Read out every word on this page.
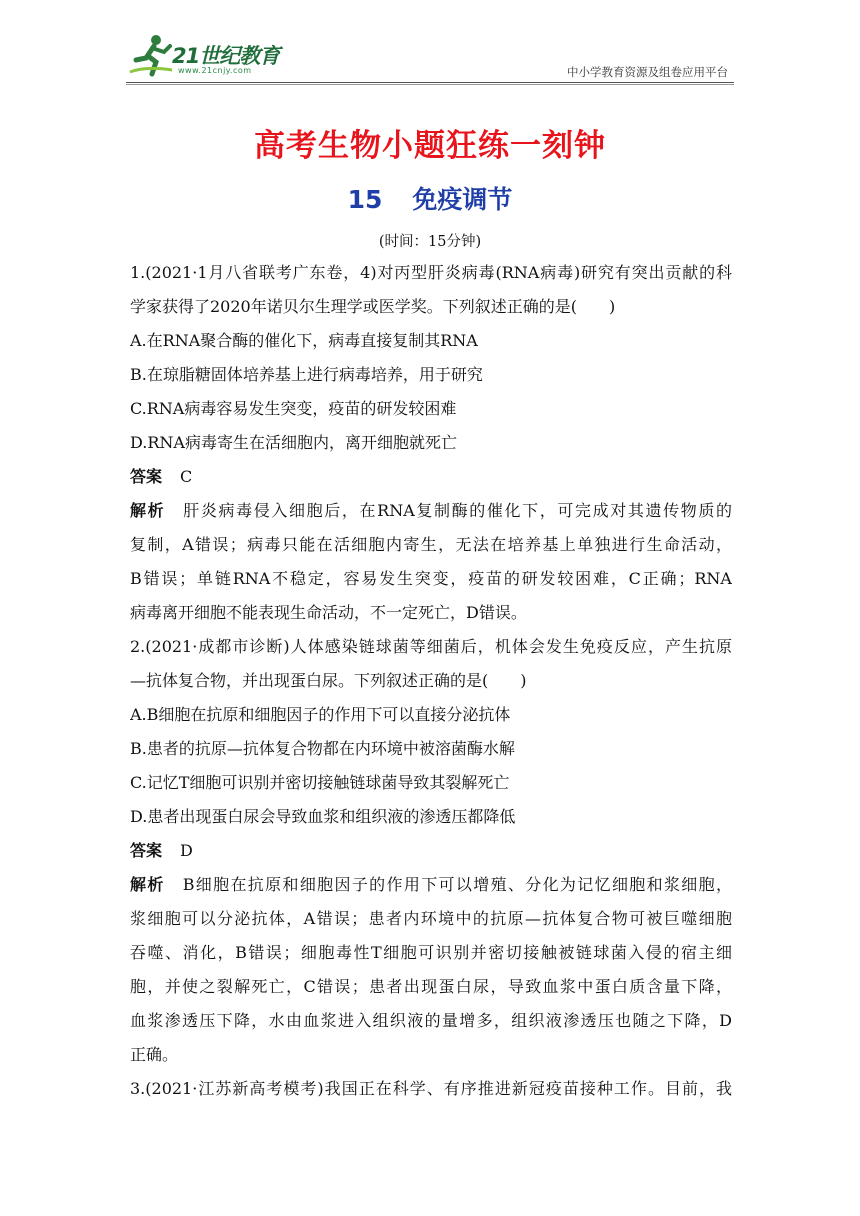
21世纪教育
www.21cnjy.com	中小学教育资源及组卷应用平台
高考生物小题狂练一刻钟
15 免疫调节
(时间：15分钟)
1.(2021·1月八省联考广东卷，4)对丙型肝炎病毒(RNA病毒)研究有突出贡献的科
学家获得了2020年诺贝尔生理学或医学奖。下列叙述正确的是(　　)
A.在RNA聚合酶的催化下，病毒直接复制其RNA
B.在琼脂糖固体培养基上进行病毒培养，用于研究
C.RNA病毒容易发生突变，疫苗的研发较困难
D.RNA病毒寄生在活细胞内，离开细胞就死亡
答案 C
解析 肝炎病毒侵入细胞后，在RNA复制酶的催化下，可完成对其遗传物质的
复制，A错误；病毒只能在活细胞内寄生，无法在培养基上单独进行生命活动，
B错误；单链RNA不稳定，容易发生突变，疫苗的研发较困难，C正确；RNA
病毒离开细胞不能表现生命活动，不一定死亡，D错误。
2.(2021·成都市诊断)人体感染链球菌等细菌后，机体会发生免疫反应，产生抗原
—抗体复合物，并出现蛋白尿。下列叙述正确的是(　　)
A.B细胞在抗原和细胞因子的作用下可以直接分泌抗体
B.患者的抗原—抗体复合物都在内环境中被溶菌酶水解
C.记忆T细胞可识别并密切接触链球菌导致其裂解死亡
D.患者出现蛋白尿会导致血浆和组织液的渗透压都降低
答案 D
解析 B细胞在抗原和细胞因子的作用下可以增殖、分化为记忆细胞和浆细胞，
浆细胞可以分泌抗体，A错误；患者内环境中的抗原—抗体复合物可被巨噬细胞
吞噬、消化，B错误；细胞毒性T细胞可识别并密切接触被链球菌入侵的宿主细
胞，并使之裂解死亡，C错误；患者出现蛋白尿，导致血浆中蛋白质含量下降，
血浆渗透压下降，水由血浆进入组织液的量增多，组织液渗透压也随之下降，D
正确。
3.(2021·江苏新高考模考)我国正在科学、有序推进新冠疫苗接种工作。目前，我
